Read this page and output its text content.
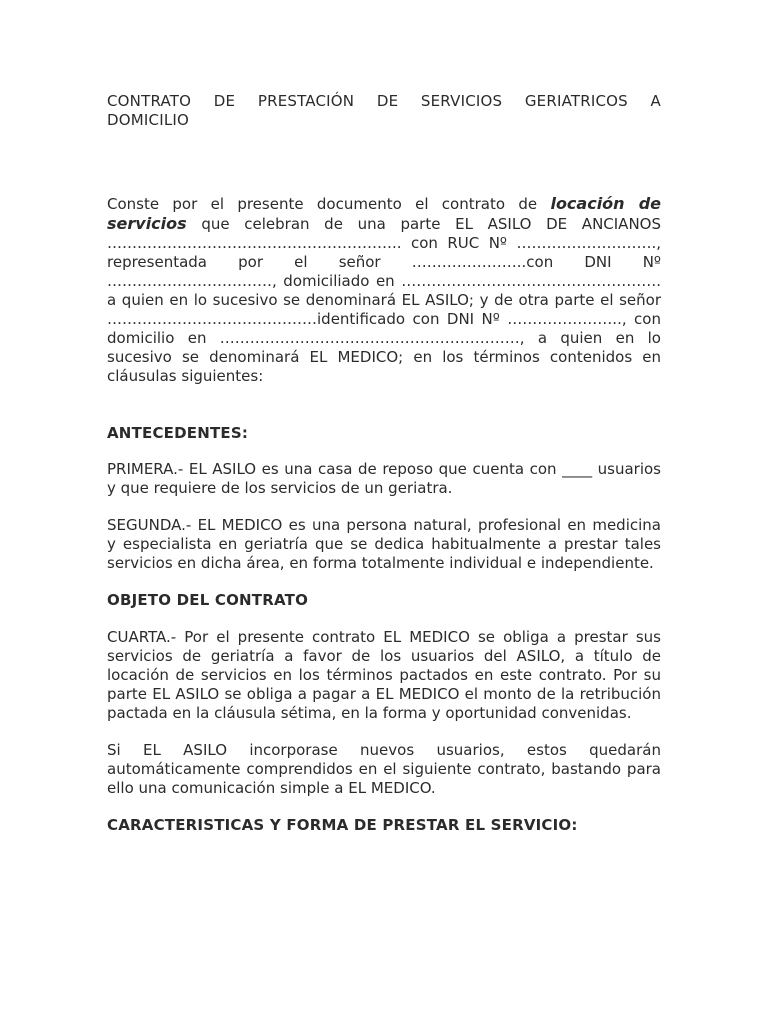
CONTRATO DE PRESTACIÓN DE SERVICIOS GERIATRICOS A DOMICILIO

Conste por el presente documento el contrato de locación de servicios que celebran de una parte EL ASILO DE ANCIANOS ………………………………………………….. con RUC Nº ………………………., representada por el señor …………………..con DNI Nº ……………………………, domiciliado en ……………………………………………. a quien en lo sucesivo se denominará EL ASILO; y de otra parte el señor ……………………………………identificado con DNI Nº ………………….., con domicilio en ……………………………………………………, a quien en lo sucesivo se denominará EL MEDICO; en los términos contenidos en cláusulas siguientes:

ANTECEDENTES:

PRIMERA.- EL ASILO es una casa de reposo que cuenta con ____ usuarios y que requiere de los servicios de un geriatra.

SEGUNDA.- EL MEDICO es una persona natural, profesional en medicina y especialista en geriatría que se dedica habitualmente a prestar tales servicios en dicha área, en forma totalmente individual e independiente.

OBJETO DEL CONTRATO

CUARTA.- Por el presente contrato EL MEDICO se obliga a prestar sus servicios de geriatría a favor de los usuarios del ASILO, a título de locación de servicios en los términos pactados en este contrato. Por su parte EL ASILO se obliga a pagar a EL MEDICO el monto de la retribución pactada en la cláusula sétima, en la forma y oportunidad convenidas.

Si EL ASILO incorporase nuevos usuarios, estos quedarán automáticamente comprendidos en el siguiente contrato, bastando para ello una comunicación simple a EL MEDICO.

CARACTERISTICAS Y FORMA DE PRESTAR EL SERVICIO:
